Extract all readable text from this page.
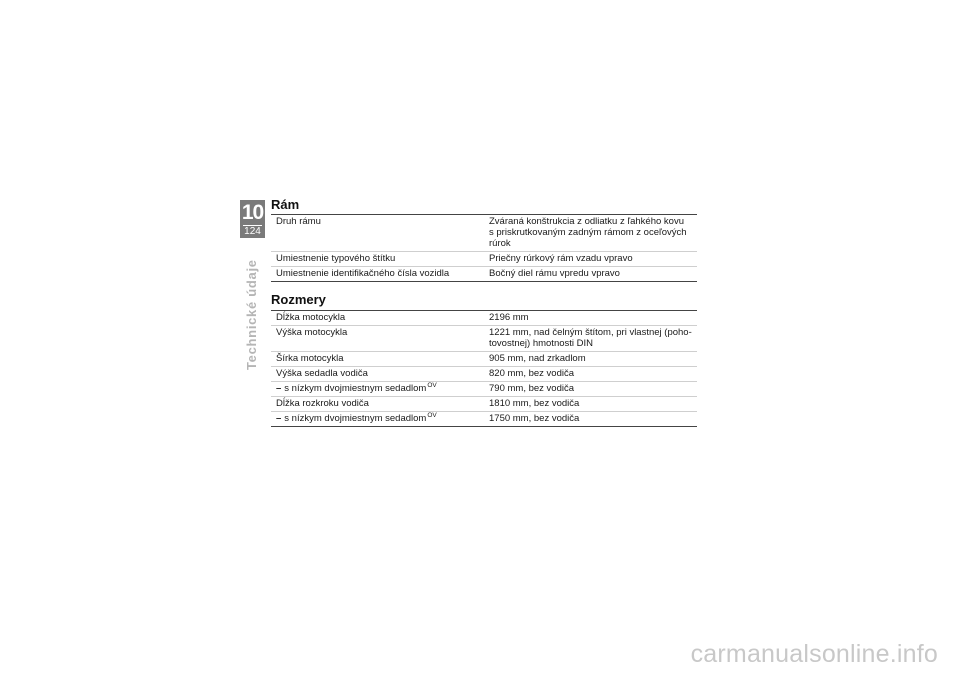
10
124
Technické údaje
Rám
Druh rámu	Zváraná konštrukcia z odliatku z ľahkého kovu
s priskrutkovaným zadným rámom z oceľových
rúrok
Umiestnenie typového štítku	Priečny rúrkový rám vzadu vpravo
Umiestnenie identifikačného čísla vozidla	Bočný diel rámu vpredu vpravo
Rozmery
Dĺžka motocykla	2196 mm
Výška motocykla	1221 mm, nad čelným štítom, pri vlastnej (poho-
tovostnej) hmotnosti DIN
Šírka motocykla	905 mm, nad zrkadlom
Výška sedadla vodiča	820 mm, bez vodiča
– s nízkym dvojmiestnym sedadlom$^{OV}$	790 mm, bez vodiča
Dĺžka rozkroku vodiča	1810 mm, bez vodiča
– s nízkym dvojmiestnym sedadlom$^{OV}$	1750 mm, bez vodiča
carmanualsonline.info
